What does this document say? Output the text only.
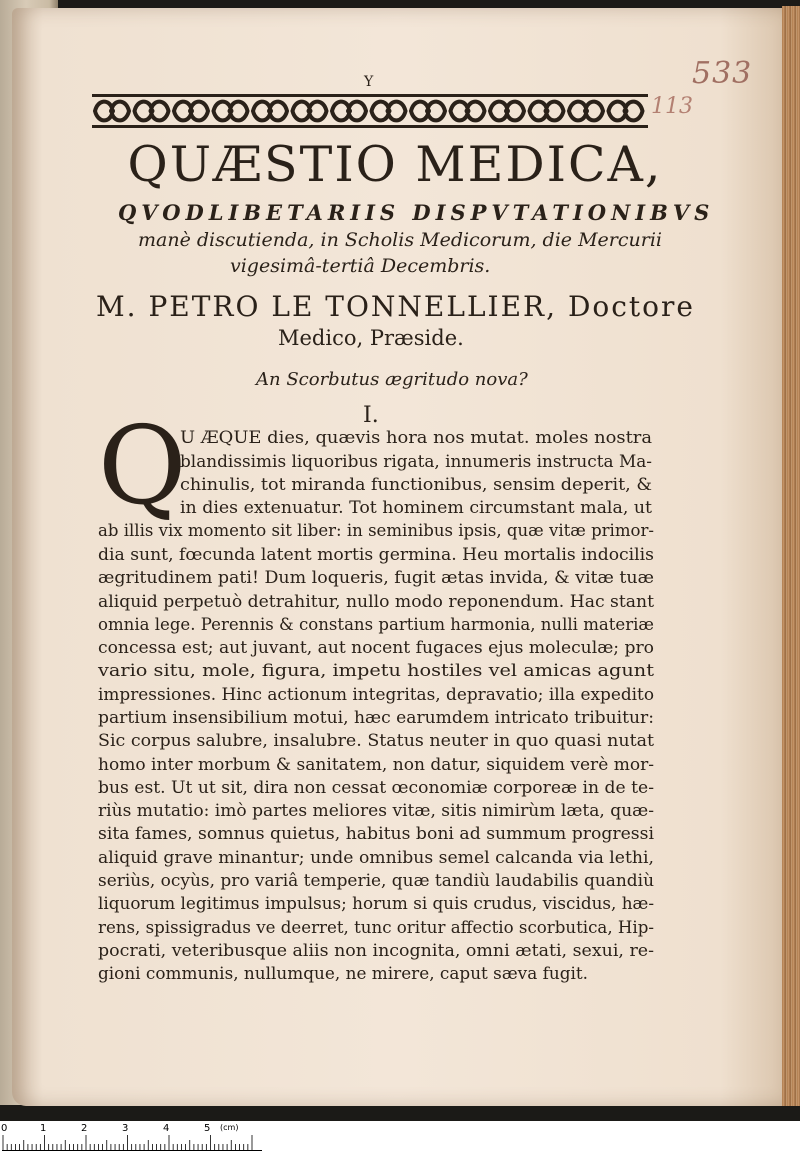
Y	533
113
QUÆSTIO MEDICA,
QVODLIBETARIIS DISPVTATIONIBVS
manè discutienda, in Scholis Medicorum, die Mercurii
vigesimâ-tertiâ Decembris.
M. PETRO LE TONNELLIER, Doctore
Medico, Præside.
An Scorbutus ægritudo nova?
I.
Q
U ÆQUE dies, quævis hora nos mutat. moles nostra
blandissimis liquoribus rigata, innumeris instructa Ma-
chinulis, tot miranda functionibus, sensim deperit, &
in dies extenuatur. Tot hominem circumstant mala, ut
ab illis vix momento sit liber: in seminibus ipsis, quæ vitæ primor-
dia sunt, fœcunda latent mortis germina. Heu mortalis indocilis
ægritudinem pati! Dum loqueris, fugit ætas invida, & vitæ tuæ
aliquid perpetuò detrahitur, nullo modo reponendum. Hac stant
omnia lege. Perennis & constans partium harmonia, nulli materiæ
concessa est; aut juvant, aut nocent fugaces ejus moleculæ; pro
vario situ, mole, figura, impetu hostiles vel amicas agunt
impressiones. Hinc actionum integritas, depravatio; illa expedito
partium insensibilium motui, hæc earumdem intricato tribuitur:
Sic corpus salubre, insalubre. Status neuter in quo quasi nutat
homo inter morbum & sanitatem, non datur, siquidem verè mor-
bus est. Ut ut sit, dira non cessat œconomiæ corporeæ in de te-
riùs mutatio: imò partes meliores vitæ, sitis nimirùm læta, quæ-
sita fames, somnus quietus, habitus boni ad summum progressi
aliquid grave minantur; unde omnibus semel calcanda via lethi,
seriùs, ocyùs, pro variâ temperie, quæ tandiù laudabilis quandiù
liquorum legitimus impulsus; horum si quis crudus, viscidus, hæ-
rens, spissigradus ve deerret, tunc oritur affectio scorbutica, Hip-
pocrati, veteribusque aliis non incognita, omni ætati, sexui, re-
gioni communis, nullumque, ne mirere, caput sæva fugit.
0	1	2	3	4	5 (cm)
